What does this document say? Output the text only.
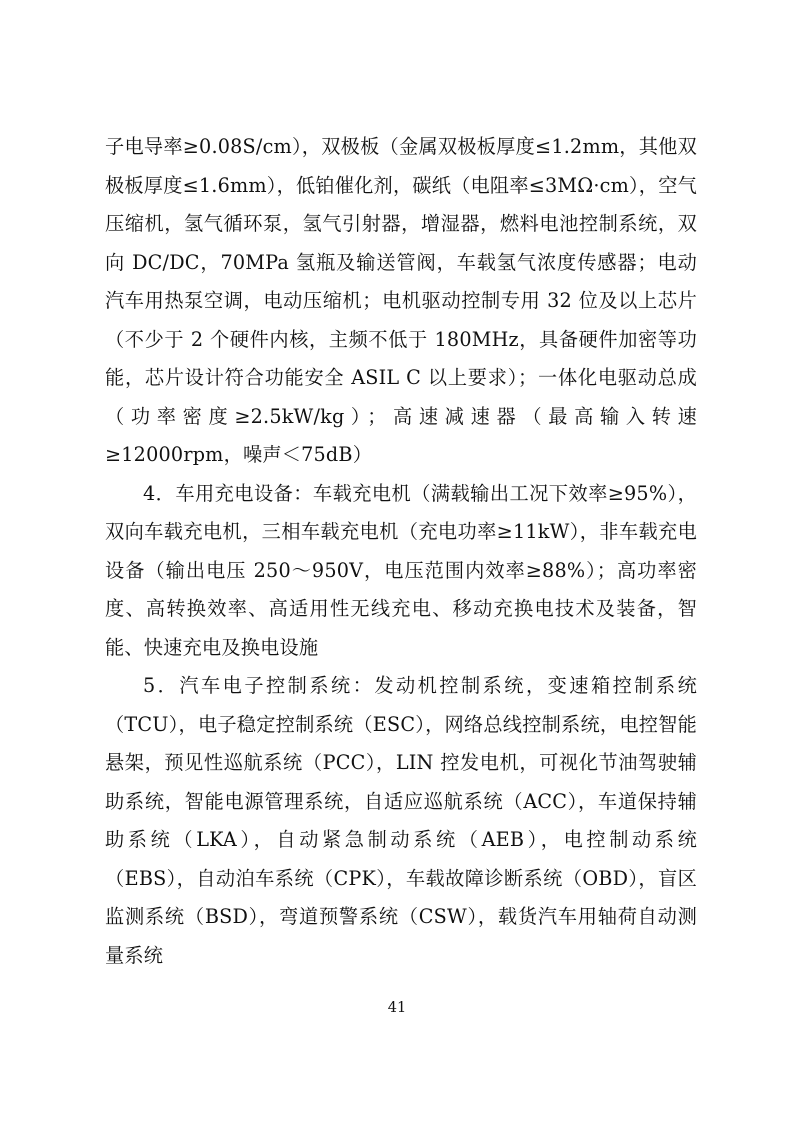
子电导率≥0.08S/cm），双极板（金属双极板厚度≤1.2mm，其他双极板厚度≤1.6mm），低铂催化剂，碳纸（电阻率≤3MΩ·cm），空气压缩机，氢气循环泵，氢气引射器，增湿器，燃料电池控制系统，双向 DC/DC，70MPa 氢瓶及输送管阀，车载氢气浓度传感器；电动汽车用热泵空调，电动压缩机；电机驱动控制专用 32 位及以上芯片（不少于 2 个硬件内核，主频不低于 180MHz，具备硬件加密等功能，芯片设计符合功能安全 ASIL C 以上要求）；一体化电驱动总成（功率密度≥2.5kW/kg）；高速减速器（最高输入转速≥12000rpm，噪声＜75dB）

4．车用充电设备：车载充电机（满载输出工况下效率≥95%），双向车载充电机，三相车载充电机（充电功率≥11kW），非车载充电设备（输出电压 250～950V，电压范围内效率≥88%）；高功率密度、高转换效率、高适用性无线充电、移动充换电技术及装备，智能、快速充电及换电设施

5．汽车电子控制系统：发动机控制系统，变速箱控制系统（TCU），电子稳定控制系统（ESC），网络总线控制系统，电控智能悬架，预见性巡航系统（PCC），LIN 控发电机，可视化节油驾驶辅助系统，智能电源管理系统，自适应巡航系统（ACC），车道保持辅助系统（LKA），自动紧急制动系统（AEB），电控制动系统（EBS），自动泊车系统（CPK），车载故障诊断系统（OBD），盲区监测系统（BSD），弯道预警系统（CSW），载货汽车用轴荷自动测量系统

41
